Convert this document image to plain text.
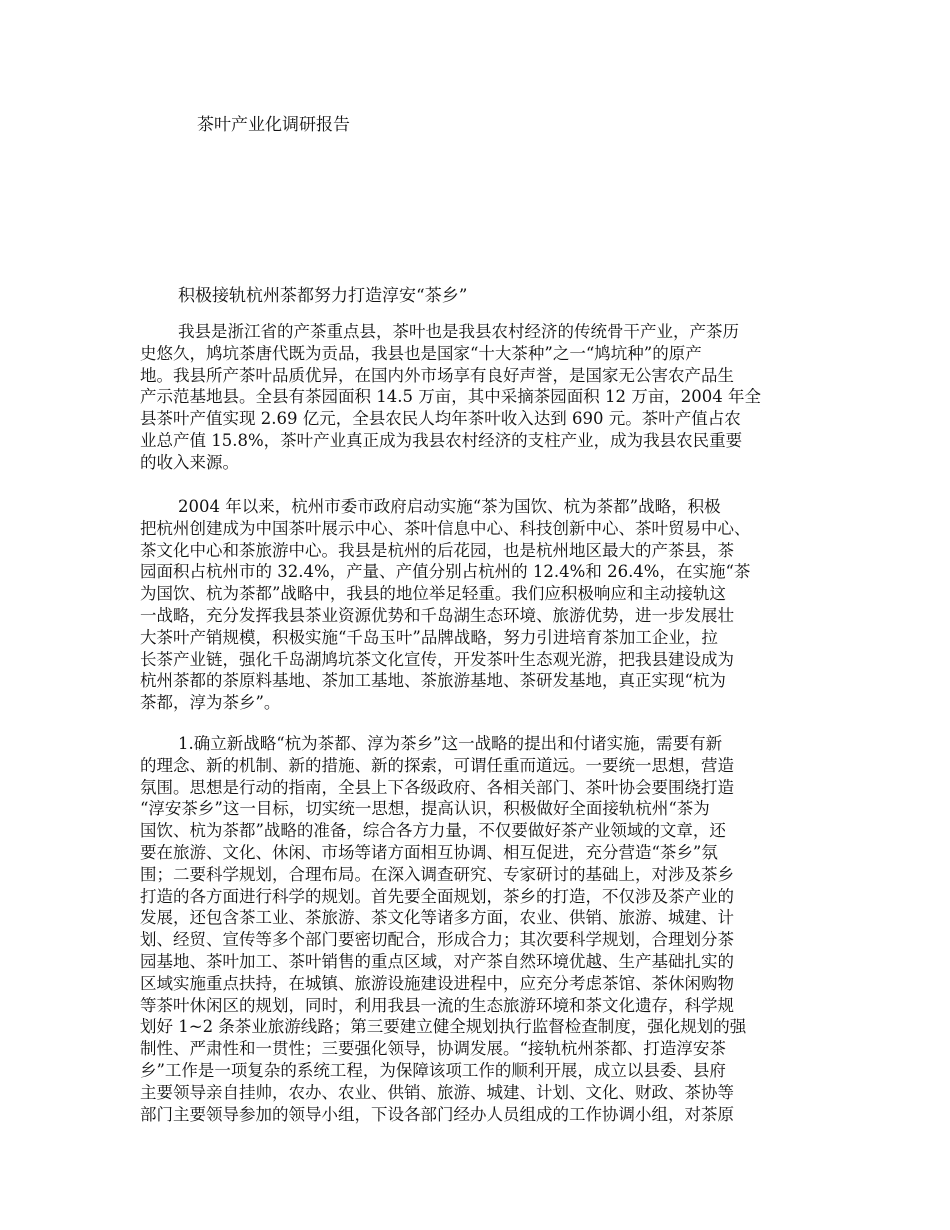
茶叶产业化调研报告
积极接轨杭州茶都努力打造淳安“茶乡”
我县是浙江省的产茶重点县，茶叶也是我县农村经济的传统骨干产业，产茶历
史悠久，鸠坑茶唐代既为贡品，我县也是国家“十大茶种”之一“鸠坑种”的原产
地。我县所产茶叶品质优异，在国内外市场享有良好声誉，是国家无公害农产品生
产示范基地县。全县有茶园面积 14.5 万亩，其中采摘茶园面积 12 万亩，2004 年全
县茶叶产值实现 2.69 亿元，全县农民人均年茶叶收入达到 690 元。茶叶产值占农
业总产值 15.8%，茶叶产业真正成为我县农村经济的支柱产业，成为我县农民重要
的收入来源。
2004 年以来，杭州市委市政府启动实施“茶为国饮、杭为茶都”战略，积极
把杭州创建成为中国茶叶展示中心、茶叶信息中心、科技创新中心、茶叶贸易中心、
茶文化中心和茶旅游中心。我县是杭州的后花园，也是杭州地区最大的产茶县，茶
园面积占杭州市的 32.4%，产量、产值分别占杭州的 12.4%和 26.4%，在实施“茶
为国饮、杭为茶都”战略中，我县的地位举足轻重。我们应积极响应和主动接轨这
一战略，充分发挥我县茶业资源优势和千岛湖生态环境、旅游优势，进一步发展壮
大茶叶产销规模，积极实施“千岛玉叶”品牌战略，努力引进培育茶加工企业，拉
长茶产业链，强化千岛湖鸠坑茶文化宣传，开发茶叶生态观光游，把我县建设成为
杭州茶都的茶原料基地、茶加工基地、茶旅游基地、茶研发基地，真正实现“杭为
茶都，淳为茶乡”。
1.确立新战略“杭为茶都、淳为茶乡”这一战略的提出和付诸实施，需要有新
的理念、新的机制、新的措施、新的探索，可谓任重而道远。一要统一思想，营造
氛围。思想是行动的指南，全县上下各级政府、各相关部门、茶叶协会要围绕打造
“淳安茶乡”这一目标，切实统一思想，提高认识，积极做好全面接轨杭州“茶为
国饮、杭为茶都”战略的准备，综合各方力量，不仅要做好茶产业领域的文章，还
要在旅游、文化、休闲、市场等诸方面相互协调、相互促进，充分营造“茶乡”氛
围；二要科学规划，合理布局。在深入调查研究、专家研讨的基础上，对涉及茶乡
打造的各方面进行科学的规划。首先要全面规划，茶乡的打造，不仅涉及茶产业的
发展，还包含茶工业、茶旅游、茶文化等诸多方面，农业、供销、旅游、城建、计
划、经贸、宣传等多个部门要密切配合，形成合力；其次要科学规划，合理划分茶
园基地、茶叶加工、茶叶销售的重点区域，对产茶自然环境优越、生产基础扎实的
区域实施重点扶持，在城镇、旅游设施建设进程中，应充分考虑茶馆、茶休闲购物
等茶叶休闲区的规划，同时，利用我县一流的生态旅游环境和茶文化遗存，科学规
划好 1~2 条茶业旅游线路；第三要建立健全规划执行监督检查制度，强化规划的强
制性、严肃性和一贯性；三要强化领导，协调发展。“接轨杭州茶都、打造淳安茶
乡”工作是一项复杂的系统工程，为保障该项工作的顺利开展，成立以县委、县府
主要领导亲自挂帅，农办、农业、供销、旅游、城建、计划、文化、财政、茶协等
部门主要领导参加的领导小组，下设各部门经办人员组成的工作协调小组，对茶原
